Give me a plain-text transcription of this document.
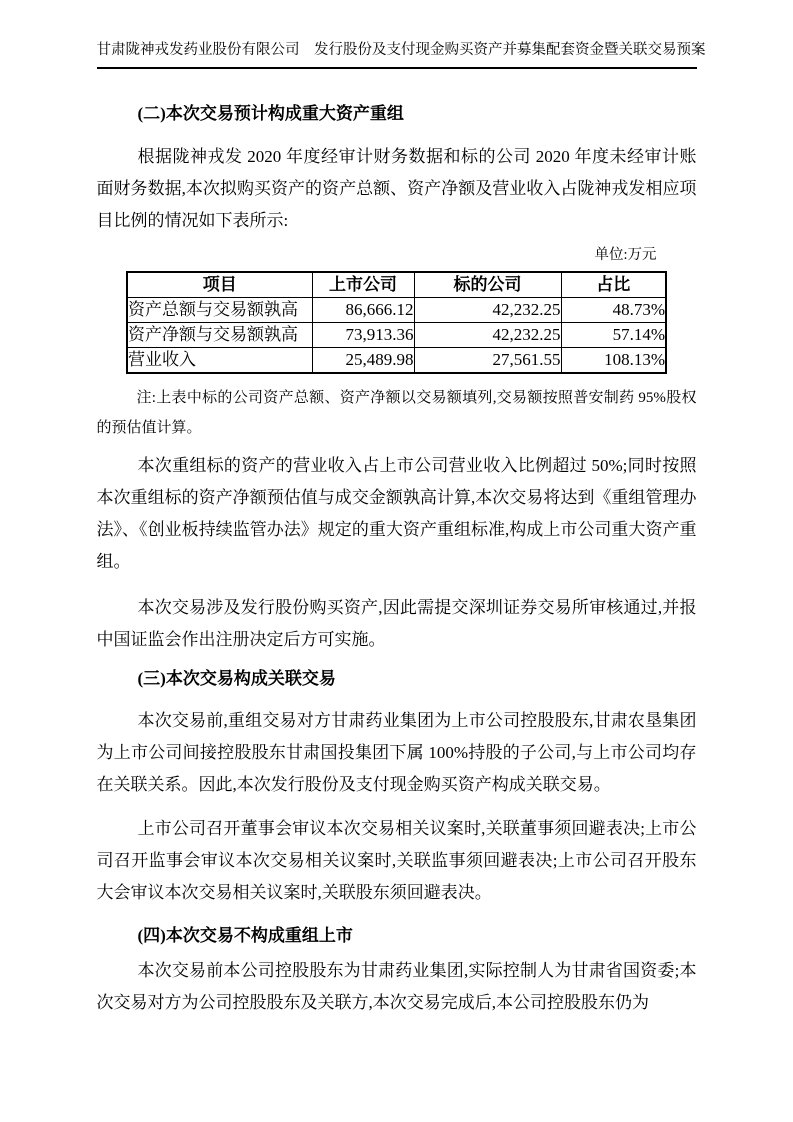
甘肃陇神戎发药业股份有限公司　发行股份及支付现金购买资产并募集配套资金暨关联交易预案
(二)本次交易预计构成重大资产重组

根据陇神戎发 2020 年度经审计财务数据和标的公司 2020 年度未经审计账面财务数据,本次拟购买资产的资产总额、资产净额及营业收入占陇神戎发相应项目比例的情况如下表所示:

单位:万元
项目	上市公司	标的公司	占比
资产总额与交易额孰高	86,666.12	42,232.25	48.73%
资产净额与交易额孰高	73,913.36	42,232.25	57.14%
营业收入	25,489.98	27,561.55	108.13%

注:上表中标的公司资产总额、资产净额以交易额填列,交易额按照普安制药 95%股权的预估值计算。

本次重组标的资产的营业收入占上市公司营业收入比例超过 50%;同时按照本次重组标的资产净额预估值与成交金额孰高计算,本次交易将达到《重组管理办法》、《创业板持续监管办法》规定的重大资产重组标准,构成上市公司重大资产重组。

本次交易涉及发行股份购买资产,因此需提交深圳证券交易所审核通过,并报中国证监会作出注册决定后方可实施。

(三)本次交易构成关联交易

本次交易前,重组交易对方甘肃药业集团为上市公司控股股东,甘肃农垦集团为上市公司间接控股股东甘肃国投集团下属 100%持股的子公司,与上市公司均存在关联关系。因此,本次发行股份及支付现金购买资产构成关联交易。

上市公司召开董事会审议本次交易相关议案时,关联董事须回避表决;上市公司召开监事会审议本次交易相关议案时,关联监事须回避表决;上市公司召开股东大会审议本次交易相关议案时,关联股东须回避表决。

(四)本次交易不构成重组上市

本次交易前本公司控股股东为甘肃药业集团,实际控制人为甘肃省国资委;本次交易对方为公司控股股东及关联方,本次交易完成后,本公司控股股东仍为
